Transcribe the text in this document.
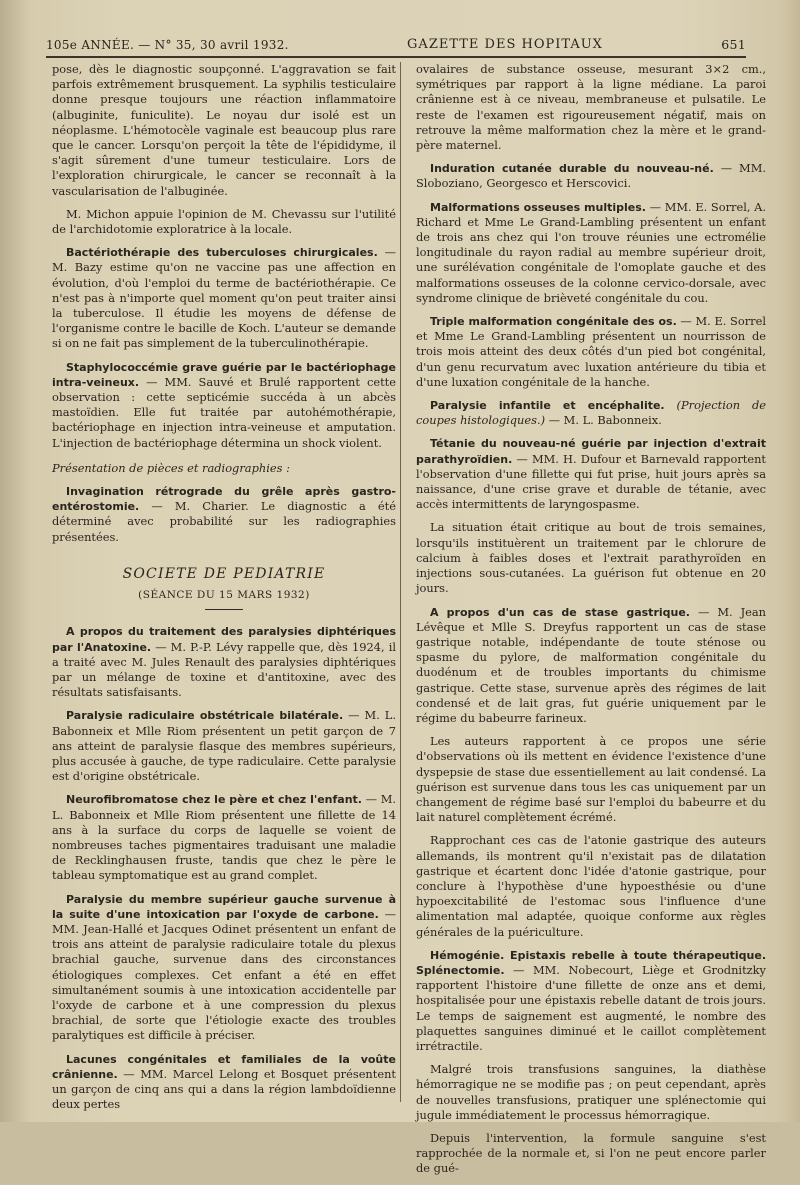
105e ANNÉE. — N° 35, 30 avril 1932.	GAZETTE DES HOPITAUX	651

pose, dès le diagnostic soupçonné. L'aggravation se fait parfois extrêmement brusquement. La syphilis testiculaire donne presque toujours une réaction inflammatoire (albuginite, funiculite). Le noyau dur isolé est un néoplasme. L'hémotocèle vaginale est beaucoup plus rare que le cancer. Lorsqu'on perçoit la tête de l'épididyme, il s'agit sûrement d'une tumeur testiculaire. Lors de l'exploration chirurgicale, le cancer se reconnaît à la vascularisation de l'albuginée.

M. Michon appuie l'opinion de M. Chevassu sur l'utilité de l'archidotomie exploratrice à la locale.

Bactériothérapie des tuberculoses chirurgicales. — M. Bazy estime qu'on ne vaccine pas une affection en évolution, d'où l'emploi du terme de bactériothérapie. Ce n'est pas à n'importe quel moment qu'on peut traiter ainsi la tuberculose. Il étudie les moyens de défense de l'organisme contre le bacille de Koch. L'auteur se demande si on ne fait pas simplement de la tuberculinothérapie.

Staphylococcémie grave guérie par le bactériophage intra-veineux. — MM. Sauvé et Brulé rapportent cette observation : cette septicémie succéda à un abcès mastoïdien. Elle fut traitée par autohémothérapie, bactériophage en injection intra-veineuse et amputation. L'injection de bactériophage détermina un shock violent.

Présentation de pièces et radiographies :

Invagination rétrograde du grêle après gastro-entérostomie. — M. Charier. Le diagnostic a été déterminé avec probabilité sur les radiographies présentées.

SOCIETE DE PEDIATRIE
(SÉANCE DU 15 MARS 1932)

A propos du traitement des paralysies diphtériques par l'Anatoxine. — M. P.-P. Lévy rappelle que, dès 1924, il a traité avec M. Jules Renault des paralysies diphtériques par un mélange de toxine et d'antitoxine, avec des résultats satisfaisants.

Paralysie radiculaire obstétricale bilatérale. — M. L. Babonneix et Mlle Riom présentent un petit garçon de 7 ans atteint de paralysie flasque des membres supérieurs, plus accusée à gauche, de type radiculaire. Cette paralysie est d'origine obstétricale.

Neurofibromatose chez le père et chez l'enfant. — M. L. Babonneix et Mlle Riom présentent une fillette de 14 ans à la surface du corps de laquelle se voient de nombreuses taches pigmentaires traduisant une maladie de Recklinghausen fruste, tandis que chez le père le tableau symptomatique est au grand complet.

Paralysie du membre supérieur gauche survenue à la suite d'une intoxication par l'oxyde de carbone. — MM. Jean-Hallé et Jacques Odinet présentent un enfant de trois ans atteint de paralysie radiculaire totale du plexus brachial gauche, survenue dans des circonstances étiologiques complexes. Cet enfant a été en effet simultanément soumis à une intoxication accidentelle par l'oxyde de carbone et à une compression du plexus brachial, de sorte que l'étiologie exacte des troubles paralytiques est difficile à préciser.

Lacunes congénitales et familiales de la voûte crânienne. — MM. Marcel Lelong et Bosquet présentent un garçon de cinq ans qui a dans la région lambdoïdienne deux pertes

ovalaires de substance osseuse, mesurant 3×2 cm., symétriques par rapport à la ligne médiane. La paroi crânienne est à ce niveau, membraneuse et pulsatile. Le reste de l'examen est rigoureusement négatif, mais on retrouve la même malformation chez la mère et le grand-père maternel.

Induration cutanée durable du nouveau-né. — MM. Sloboziano, Georgesco et Herscovici.

Malformations osseuses multiples. — MM. E. Sorrel, A. Richard et Mme Le Grand-Lambling présentent un enfant de trois ans chez qui l'on trouve réunies une ectromélie longitudinale du rayon radial au membre supérieur droit, une surélévation congénitale de l'omoplate gauche et des malformations osseuses de la colonne cervico-dorsale, avec syndrome clinique de brièveté congénitale du cou.

Triple malformation congénitale des os. — M. E. Sorrel et Mme Le Grand-Lambling présentent un nourrisson de trois mois atteint des deux côtés d'un pied bot congénital, d'un genu recurvatum avec luxation antérieure du tibia et d'une luxation congénitale de la hanche.

Paralysie infantile et encéphalite. (Projection de coupes histologiques.) — M. L. Babonneix.

Tétanie du nouveau-né guérie par injection d'extrait parathyroïdien. — MM. H. Dufour et Barnevald rapportent l'observation d'une fillette qui fut prise, huit jours après sa naissance, d'une crise grave et durable de tétanie, avec accès intermittents de laryngospasme.

La situation était critique au bout de trois semaines, lorsqu'ils instituèrent un traitement par le chlorure de calcium à faibles doses et l'extrait parathyroïden en injections sous-cutanées. La guérison fut obtenue en 20 jours.

A propos d'un cas de stase gastrique. — M. Jean Lévêque et Mlle S. Dreyfus rapportent un cas de stase gastrique notable, indépendante de toute sténose ou spasme du pylore, de malformation congénitale du duodénum et de troubles importants du chimisme gastrique. Cette stase, survenue après des régimes de lait condensé et de lait gras, fut guérie uniquement par le régime du babeurre farineux.

Les auteurs rapportent à ce propos une série d'observations où ils mettent en évidence l'existence d'une dyspepsie de stase due essentiellement au lait condensé. La guérison est survenue dans tous les cas uniquement par un changement de régime basé sur l'emploi du babeurre et du lait naturel complètement écrémé.

Rapprochant ces cas de l'atonie gastrique des auteurs allemands, ils montrent qu'il n'existait pas de dilatation gastrique et écartent donc l'idée d'atonie gastrique, pour conclure à l'hypothèse d'une hypoesthésie ou d'une hypoexcitabilité de l'estomac sous l'influence d'une alimentation mal adaptée, quoique conforme aux règles générales de la puériculture.

Hémogénie. Epistaxis rebelle à toute thérapeutique. Splénectomie. — MM. Nobecourt, Liège et Grodnitzky rapportent l'histoire d'une fillette de onze ans et demi, hospitalisée pour une épistaxis rebelle datant de trois jours. Le temps de saignement est augmenté, le nombre des plaquettes sanguines diminué et le caillot complètement irrétractile.

Malgré trois transfusions sanguines, la diathèse hémorragique ne se modifie pas ; on peut cependant, après de nouvelles transfusions, pratiquer une splénectomie qui jugule immédiatement le processus hémorragique.

Depuis l'intervention, la formule sanguine s'est rapprochée de la normale et, si l'on ne peut encore parler de gué-
